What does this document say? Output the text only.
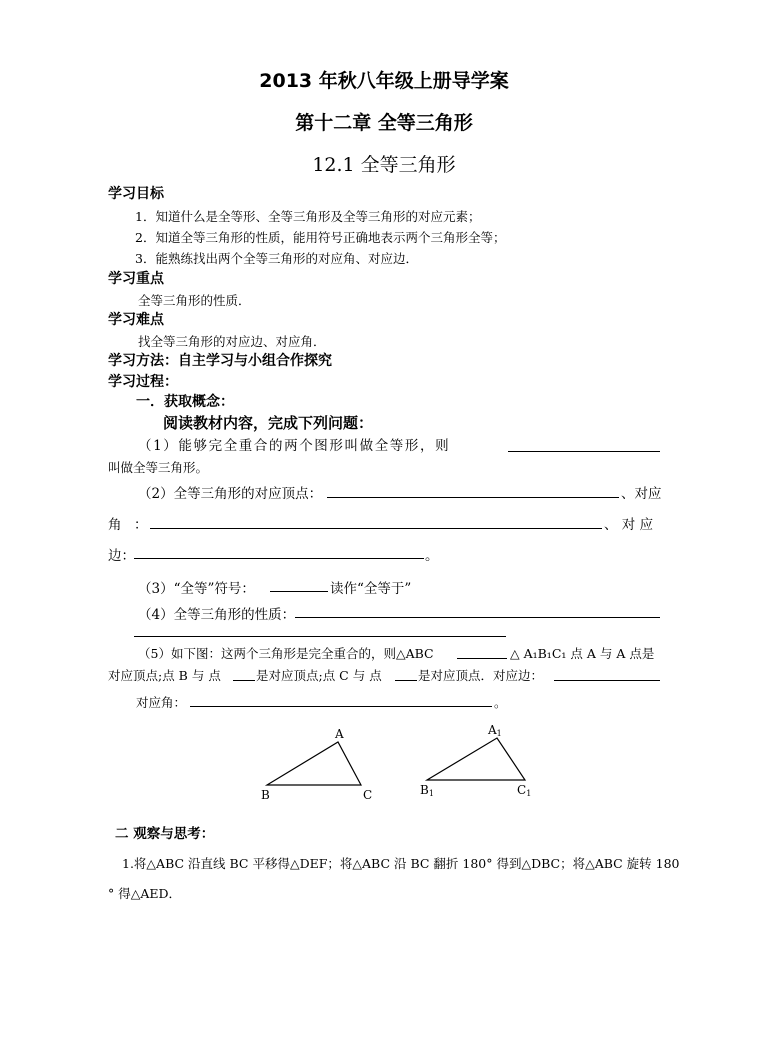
2013 年秋八年级上册导学案
第十二章 全等三角形
12.1 全等三角形
学习目标
1．知道什么是全等形、全等三角形及全等三角形的对应元素；
2．知道全等三角形的性质，能用符号正确地表示两个三角形全等；
3．能熟练找出两个全等三角形的对应角、对应边．
学习重点
全等三角形的性质．
学习难点
找全等三角形的对应边、对应角．
学习方法：自主学习与小组合作探究
学习过程：
一．获取概念：
阅读教材内容，完成下列问题：
（1）能够完全重合的两个图形叫做全等形，则
叫做全等三角形。
（2）全等三角形的对应顶点：	、对应
角 ：	、 对 应
边：	。
（3）“全等”符号：	读作“全等于”
（4）全等三角形的性质：
（5）如下图：这两个三角形是完全重合的，则△ABC	△ A₁B₁C₁ 点 A 与 A 点是
对应顶点;点 B 与 点	是对应顶点;点 C 与 点	是对应顶点．对应边：
对应角：	。
A
B	C
A1
B1	C1
二 观察与思考：
1.将△ABC 沿直线 BC 平移得△DEF；将△ABC 沿 BC 翻折 180° 得到△DBC；将△ABC 旋转 180
° 得△AED．
